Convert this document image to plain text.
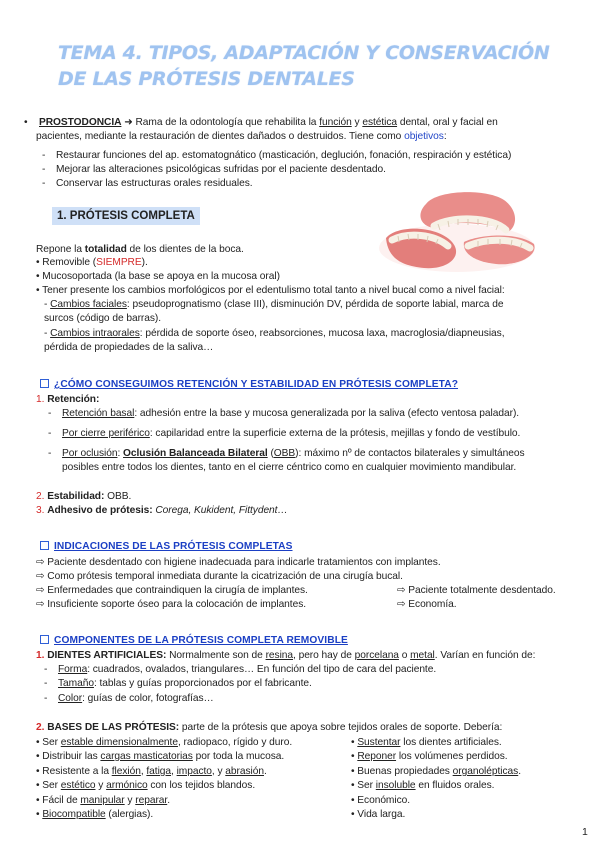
TEMA 4. TIPOS, ADAPTACIÓN Y CONSERVACIÓN
DE LAS PRÓTESIS DENTALES
• PROSTODONCIA ➜ Rama de la odontología que rehabilita la función y estética dental, oral y facial en
pacientes, mediante la restauración de dientes dañados o destruidos. Tiene como objetivos:
- Restaurar funciones del ap. estomatognático (masticación, deglución, fonación, respiración y estética)
- Mejorar las alteraciones psicológicas sufridas por el paciente desdentado.
- Conservar las estructuras orales residuales.
1. PRÓTESIS COMPLETA
Repone la totalidad de los dientes de la boca.
• Removible (SIEMPRE).
• Mucosoportada (la base se apoya en la mucosa oral)
• Tener presente los cambios morfológicos por el edentulismo total tanto a nivel bucal como a nivel facial:
- Cambios faciales: pseudoprognatismo (clase III), disminución DV, pérdida de soporte labial, marca de
surcos (código de barras).
- Cambios intraorales: pérdida de soporte óseo, reabsorciones, mucosa laxa, macroglosia/diapneusias,
pérdida de propiedades de la saliva…
¿CÓMO CONSEGUIMOS RETENCIÓN Y ESTABILIDAD EN PRÓTESIS COMPLETA?
1. Retención:
- Retención basal: adhesión entre la base y mucosa generalizada por la saliva (efecto ventosa paladar).
- Por cierre periférico: capilaridad entre la superficie externa de la prótesis, mejillas y fondo de vestíbulo.
- Por oclusión: Oclusión Balanceada Bilateral (OBB): máximo nº de contactos bilaterales y simultáneos
posibles entre todos los dientes, tanto en el cierre céntrico como en cualquier movimiento mandibular.
2. Estabilidad: OBB.
3. Adhesivo de prótesis: Corega, Kukident, Fittydent…
INDICACIONES DE LAS PRÓTESIS COMPLETAS
⇨ Paciente desdentado con higiene inadecuada para indicarle tratamientos con implantes.
⇨ Como prótesis temporal inmediata durante la cicatrización de una cirugía bucal.
⇨ Enfermedades que contraindiquen la cirugía de implantes.
⇨ Insuficiente soporte óseo para la colocación de implantes.
⇨ Paciente totalmente desdentado.
⇨ Economía.
COMPONENTES DE LA PRÓTESIS COMPLETA REMOVIBLE
1. DIENTES ARTIFICIALES: Normalmente son de resina, pero hay de porcelana o metal. Varían en función de:
- Forma: cuadrados, ovalados, triangulares… En función del tipo de cara del paciente.
- Tamaño: tablas y guías proporcionados por el fabricante.
- Color: guías de color, fotografías…
2. BASES DE LAS PRÓTESIS: parte de la prótesis que apoya sobre tejidos orales de soporte. Debería:
• Ser estable dimensionalmente, radiopaco, rígido y duro.
• Distribuir las cargas masticatorias por toda la mucosa.
• Resistente a la flexión, fatiga, impacto, y abrasión.
• Ser estético y armónico con los tejidos blandos.
• Fácil de manipular y reparar.
• Biocompatible (alergias).
• Sustentar los dientes artificiales.
• Reponer los volúmenes perdidos.
• Buenas propiedades organolépticas.
• Ser insoluble en fluidos orales.
• Económico.
• Vida larga.
1
